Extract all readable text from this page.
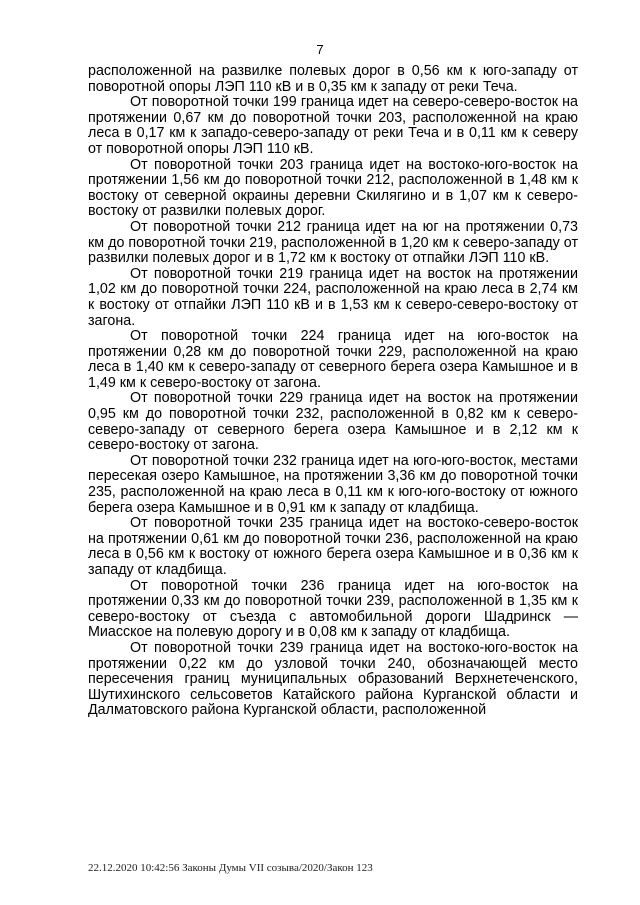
7

расположенной на развилке полевых дорог в 0,56 км к юго-западу от поворотной опоры ЛЭП 110 кВ и в 0,35 км к западу от реки Теча.

От поворотной точки 199 граница идет на северо-северо-восток на протяжении 0,67 км до поворотной точки 203, расположенной на краю леса в 0,17 км к западо-северо-западу от реки Теча и в 0,11 км к северу от поворотной опоры ЛЭП 110 кВ.

От поворотной точки 203 граница идет на востоко-юго-восток на протяжении 1,56 км до поворотной точки 212, расположенной в 1,48 км к востоку от северной окраины деревни Скилягино и в 1,07 км к северо-востоку от развилки полевых дорог.

От поворотной точки 212 граница идет на юг на протяжении 0,73 км до поворотной точки 219, расположенной в 1,20 км к северо-западу от развилки полевых дорог и в 1,72 км к востоку от отпайки ЛЭП 110 кВ.

От поворотной точки 219 граница идет на восток на протяжении 1,02 км до поворотной точки 224, расположенной на краю леса в 2,74 км к востоку от отпайки ЛЭП 110 кВ и в 1,53 км к северо-северо-востоку от загона.

От поворотной точки 224 граница идет на юго-восток на протяжении 0,28 км до поворотной точки 229, расположенной на краю леса в 1,40 км к северо-западу от северного берега озера Камышное и в 1,49 км к северо-востоку от загона.

От поворотной точки 229 граница идет на восток на протяжении 0,95 км до поворотной точки 232, расположенной в 0,82 км к северо-северо-западу от северного берега озера Камышное и в 2,12 км к северо-востоку от загона.

От поворотной точки 232 граница идет на юго-юго-восток, местами пересекая озеро Камышное, на протяжении 3,36 км до поворотной точки 235, расположенной на краю леса в 0,11 км к юго-юго-востоку от южного берега озера Камышное и в 0,91 км к западу от кладбища.

От поворотной точки 235 граница идет на востоко-северо-восток на протяжении 0,61 км до поворотной точки 236, расположенной на краю леса в 0,56 км к востоку от южного берега озера Камышное и в 0,36 км к западу от кладбища.

От поворотной точки 236 граница идет на юго-восток на протяжении 0,33 км до поворотной точки 239, расположенной в 1,35 км к северо-востоку от съезда с автомобильной дороги Шадринск — Миасское на полевую дорогу и в 0,08 км к западу от кладбища.

От поворотной точки 239 граница идет на востоко-юго-восток на протяжении 0,22 км до узловой точки 240, обозначающей место пересечения границ муниципальных образований Верхнетеченского, Шутихинского сельсоветов Катайского района Курганской области и Далматовского района Курганской области, расположенной

22.12.2020 10:42:56 Законы Думы VII созыва/2020/Закон 123
